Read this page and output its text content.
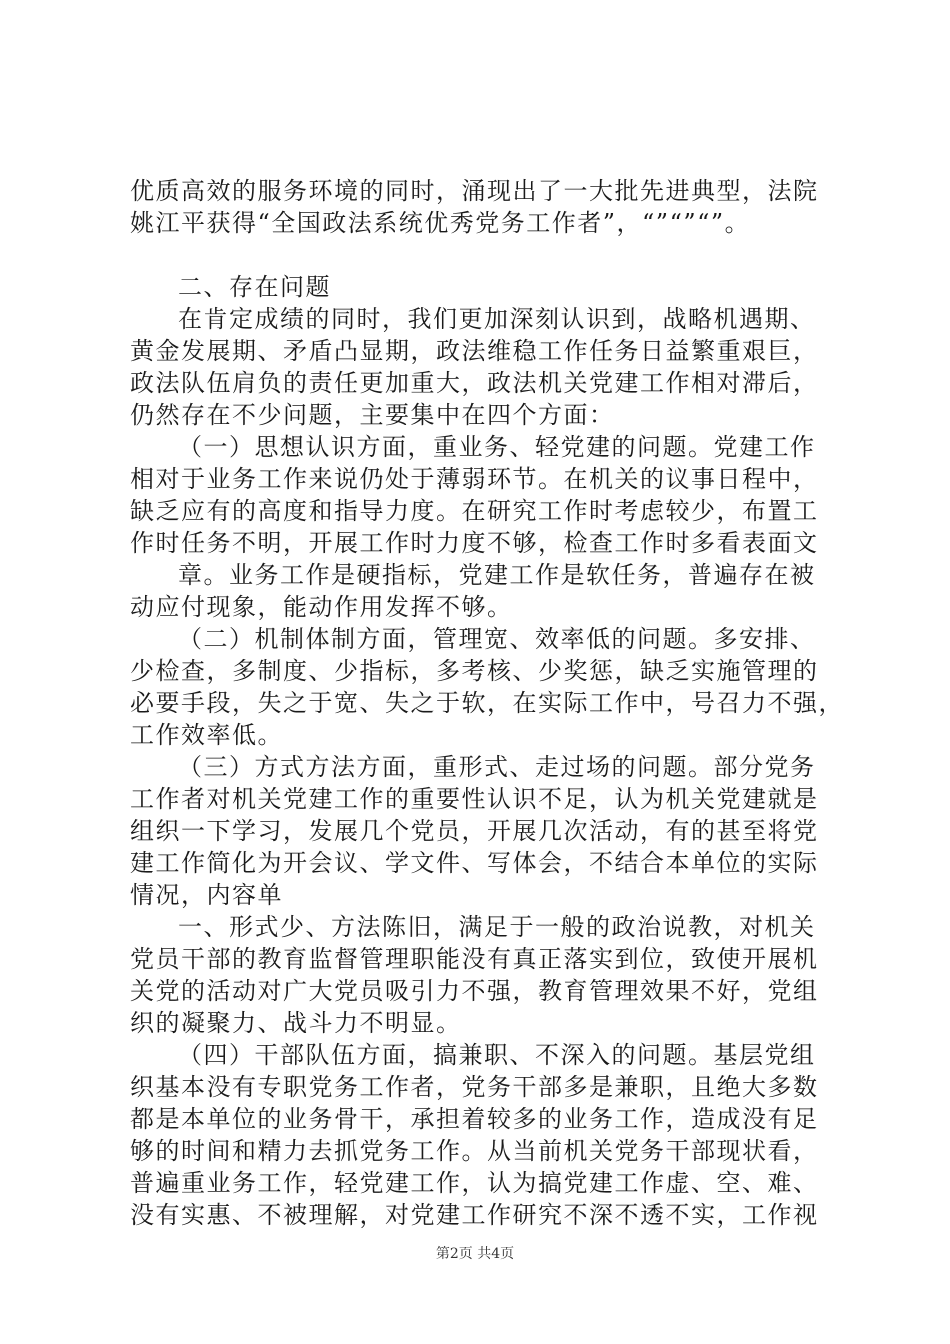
优质高效的服务环境的同时，涌现出了一大批先进典型，法院
姚江平获得“全国政法系统优秀党务工作者”，“”“”“”。
二、存在问题
在肯定成绩的同时，我们更加深刻认识到，战略机遇期、
黄金发展期、矛盾凸显期，政法维稳工作任务日益繁重艰巨，
政法队伍肩负的责任更加重大，政法机关党建工作相对滞后，
仍然存在不少问题，主要集中在四个方面：
（一）思想认识方面，重业务、轻党建的问题。党建工作
相对于业务工作来说仍处于薄弱环节。在机关的议事日程中，
缺乏应有的高度和指导力度。在研究工作时考虑较少，布置工
作时任务不明，开展工作时力度不够，检查工作时多看表面文
章。业务工作是硬指标，党建工作是软任务，普遍存在被
动应付现象，能动作用发挥不够。
（二）机制体制方面，管理宽、效率低的问题。多安排、
少检查，多制度、少指标，多考核、少奖惩，缺乏实施管理的
必要手段，失之于宽、失之于软，在实际工作中，号召力不强，
工作效率低。
（三）方式方法方面，重形式、走过场的问题。部分党务
工作者对机关党建工作的重要性认识不足，认为机关党建就是
组织一下学习，发展几个党员，开展几次活动，有的甚至将党
建工作简化为开会议、学文件、写体会，不结合本单位的实际
情况，内容单
一、形式少、方法陈旧，满足于一般的政治说教，对机关
党员干部的教育监督管理职能没有真正落实到位，致使开展机
关党的活动对广大党员吸引力不强，教育管理效果不好，党组
织的凝聚力、战斗力不明显。
（四）干部队伍方面，搞兼职、不深入的问题。基层党组
织基本没有专职党务工作者，党务干部多是兼职，且绝大多数
都是本单位的业务骨干，承担着较多的业务工作，造成没有足
够的时间和精力去抓党务工作。从当前机关党务干部现状看，
普遍重业务工作，轻党建工作，认为搞党建工作虚、空、难、
没有实惠、不被理解，对党建工作研究不深不透不实，工作视
第2页 共4页
